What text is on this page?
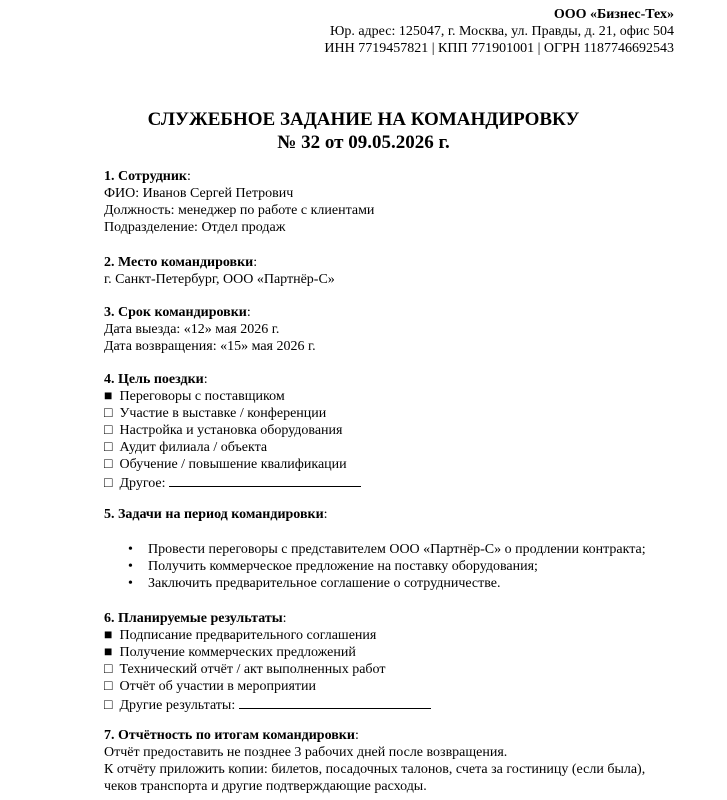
ООО «Бизнес-Тех»
Юр. адрес: 125047, г. Москва, ул. Правды, д. 21, офис 504
ИНН 7719457821 | КПП 771901001 | ОГРН 1187746692543
СЛУЖЕБНОЕ ЗАДАНИЕ НА КОМАНДИРОВКУ
№ 32 от 09.05.2026 г.
1. Сотрудник:
ФИО: Иванов Сергей Петрович
Должность: менеджер по работе с клиентами
Подразделение: Отдел продаж
2. Место командировки:
г. Санкт-Петербург, ООО «Партнёр-С»
3. Срок командировки:
Дата выезда: «12» мая 2026 г.
Дата возвращения: «15» мая 2026 г.
4. Цель поездки:
■ Переговоры с поставщиком
□ Участие в выставке / конференции
□ Настройка и установка оборудования
□ Аудит филиала / объекта
□ Обучение / повышение квалификации
□ Другое:
5. Задачи на период командировки:
• Провести переговоры с представителем ООО «Партнёр-С» о продлении контракта;
• Получить коммерческое предложение на поставку оборудования;
• Заключить предварительное соглашение о сотрудничестве.
6. Планируемые результаты:
■ Подписание предварительного соглашения
■ Получение коммерческих предложений
□ Технический отчёт / акт выполненных работ
□ Отчёт об участии в мероприятии
□ Другие результаты:
7. Отчётность по итогам командировки:
Отчёт предоставить не позднее 3 рабочих дней после возвращения.
К отчёту приложить копии: билетов, посадочных талонов, счета за гостиницу (если была),
чеков транспорта и другие подтверждающие расходы.
